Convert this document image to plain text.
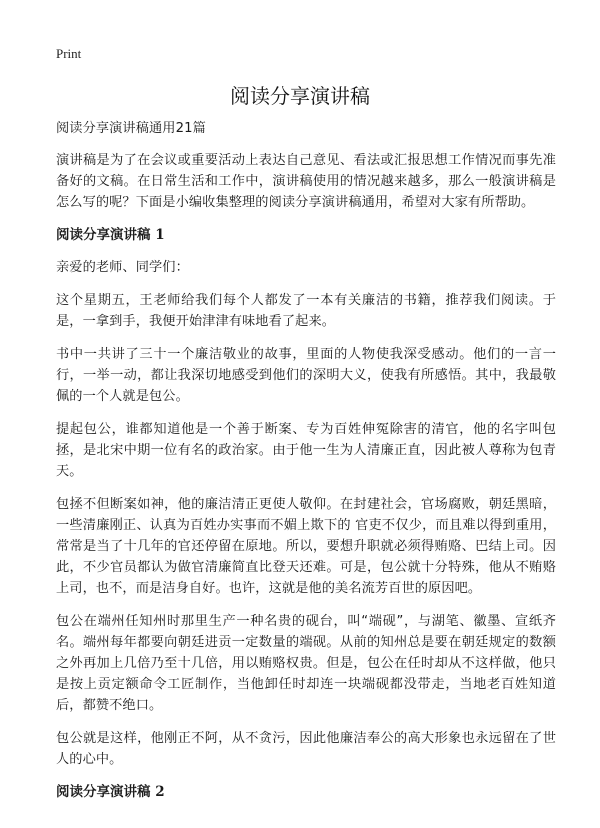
Print
阅读分享演讲稿

阅读分享演讲稿通用21篇

演讲稿是为了在会议或重要活动上表达自己意见、看法或汇报思想工作情况而事先准备好的文稿。在日常生活和工作中，演讲稿使用的情况越来越多，那么一般演讲稿是怎么写的呢？下面是小编收集整理的阅读分享演讲稿通用，希望对大家有所帮助。

阅读分享演讲稿 1

亲爱的老师、同学们：

这个星期五，王老师给我们每个人都发了一本有关廉洁的书籍，推荐我们阅读。于是，一拿到手，我便开始津津有味地看了起来。

书中一共讲了三十一个廉洁敬业的故事，里面的人物使我深受感动。他们的一言一行，一举一动，都让我深切地感受到他们的深明大义，使我有所感悟。其中，我最敬佩的一个人就是包公。

提起包公，谁都知道他是一个善于断案、专为百姓伸冤除害的清官，他的名字叫包拯，是北宋中期一位有名的政治家。由于他一生为人清廉正直，因此被人尊称为包青天。

包拯不但断案如神，他的廉洁清正更使人敬仰。在封建社会，官场腐败，朝廷黑暗，一些清廉刚正、认真为百姓办实事而不媚上欺下的 官吏不仅少，而且难以得到重用，常常是当了十几年的官还停留在原地。所以，要想升职就必须得贿赂、巴结上司。因此，不少官员都认为做官清廉简直比登天还难。可是，包公就十分特殊，他从不贿赂上司，也不，而是洁身自好。也许，这就是他的美名流芳百世的原因吧。

包公在端州任知州时那里生产一种名贵的砚台，叫“端砚”，与湖笔、徽墨、宣纸齐名。端州每年都要向朝廷进贡一定数量的端砚。从前的知州总是要在朝廷规定的数额之外再加上几倍乃至十几倍，用以贿赂权贵。但是，包公在任时却从不这样做，他只是按上贡定额命令工匠制作，当他卸任时却连一块端砚都没带走，当地老百姓知道后，都赞不绝口。

包公就是这样，他刚正不阿，从不贪污，因此他廉洁奉公的高大形象也永远留在了世人的心中。

阅读分享演讲稿 2
